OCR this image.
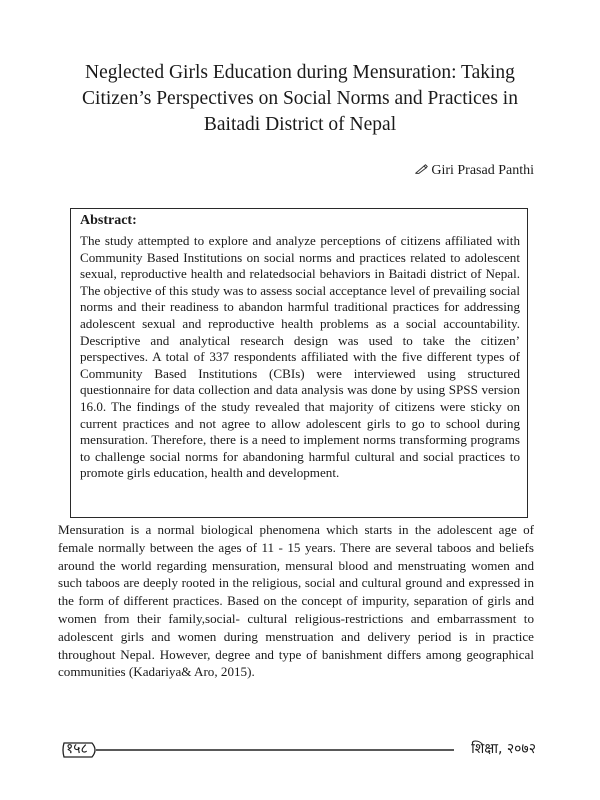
Neglected Girls Education during Mensuration: Taking Citizen’s Perspectives on Social Norms and Practices in Baitadi District of Nepal
Giri Prasad Panthi

Abstract:

The study attempted to explore and analyze perceptions of citizens affiliated with Community Based Institutions on social norms and practices related to adolescent sexual, reproductive health and relatedsocial behaviors in Baitadi district of Nepal. The objective of this study was to assess social acceptance level of prevailing social norms and their readiness to abandon harmful traditional practices for addressing adolescent sexual and reproductive health problems as a social accountability. Descriptive and analytical research design was used to take the citizen’ perspectives. A total of 337 respondents affiliated with the five different types of Community Based Institutions (CBIs) were interviewed using structured questionnaire for data collection and data analysis was done by using SPSS version 16.0. The findings of the study revealed that majority of citizens were sticky on current practices and not agree to allow adolescent girls to go to school during mensuration. Therefore, there is a need to implement norms transforming programs to challenge social norms for abandoning harmful cultural and social practices to promote girls education, health and development.

Mensuration is a normal biological phenomena which starts in the adolescent age of female normally between the ages of 11 - 15 years. There are several taboos and beliefs around the world regarding mensuration, mensural blood and menstruating women and such taboos are deeply rooted in the religious, social and cultural ground and expressed in the form of different practices. Based on the concept of impurity, separation of girls and women from their family,social- cultural religious-restrictions and embarrassment to adolescent girls and women during menstruation and delivery period is in practice throughout Nepal. However, degree and type of banishment differs among geographical communities (Kadariya& Aro, 2015).

१५८	शिक्षा, २०७२
